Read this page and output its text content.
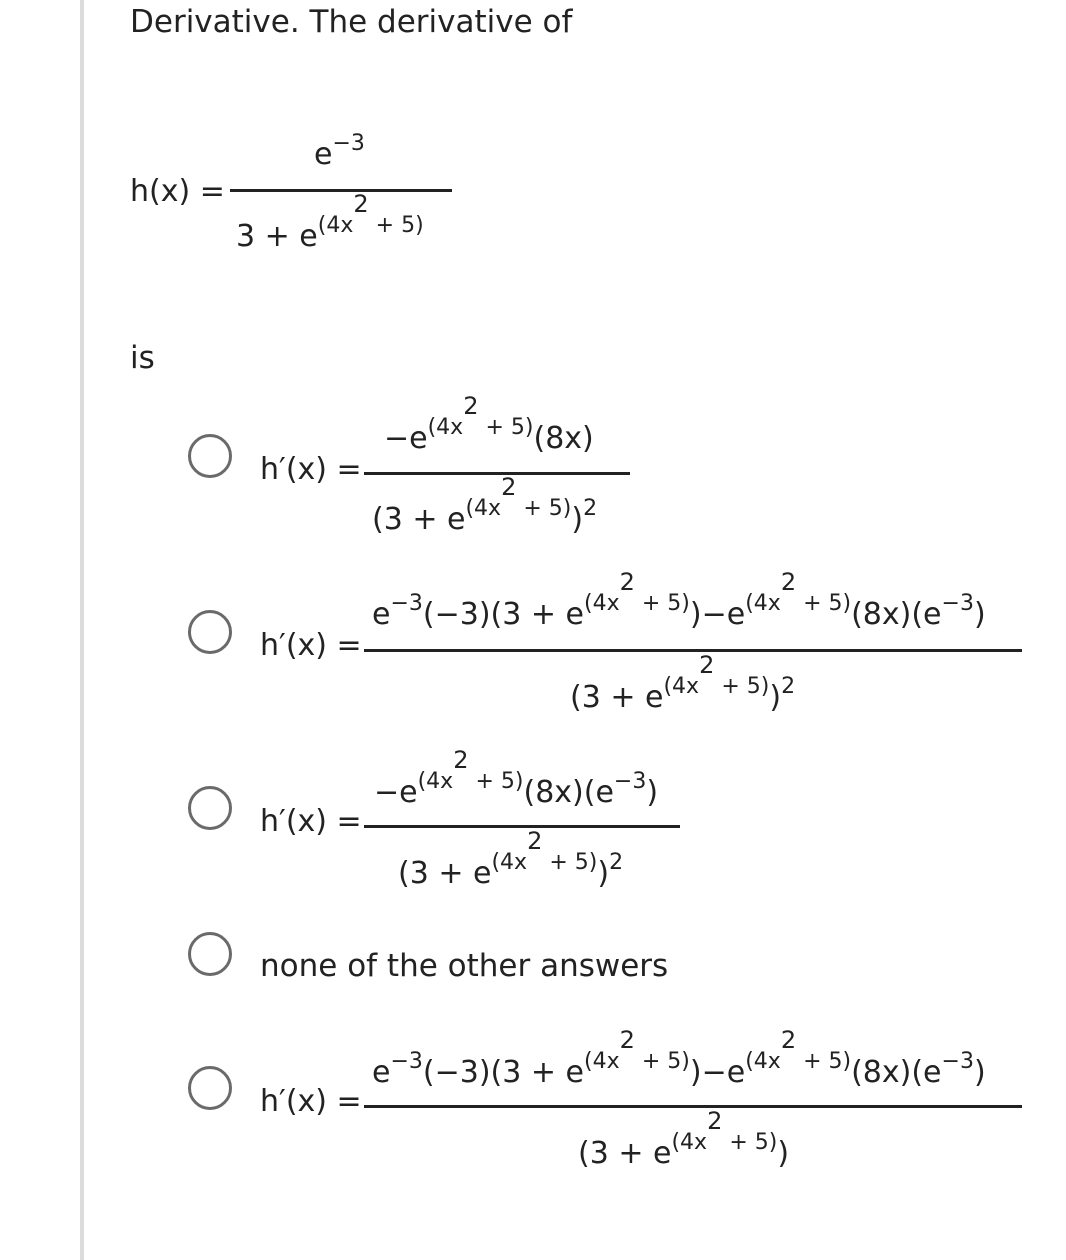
Derivative. The derivative of
h(x) =
$e^{-3}$
$3 + e^{(4x2 + 5)}$
is
h′(x) =
$-e^{(4x2 + 5)}(8x)$
$(3 + e^{(4x2 + 5)})^2$
h′(x) =
$e^{-3}(-3)(3 + e^{(4x2 + 5)})-e^{(4x2 + 5)}(8x)(e^{-3})$
$(3 + e^{(4x2 + 5)})^2$
h′(x) =
$-e^{(4x2 + 5)}(8x)(e^{-3})$
$(3 + e^{(4x2 + 5)})^2$
none of the other answers
h′(x) =
$e^{-3}(-3)(3 + e^{(4x2 + 5)})-e^{(4x2 + 5)}(8x)(e^{-3})$
$(3 + e^{(4x2 + 5)})$
